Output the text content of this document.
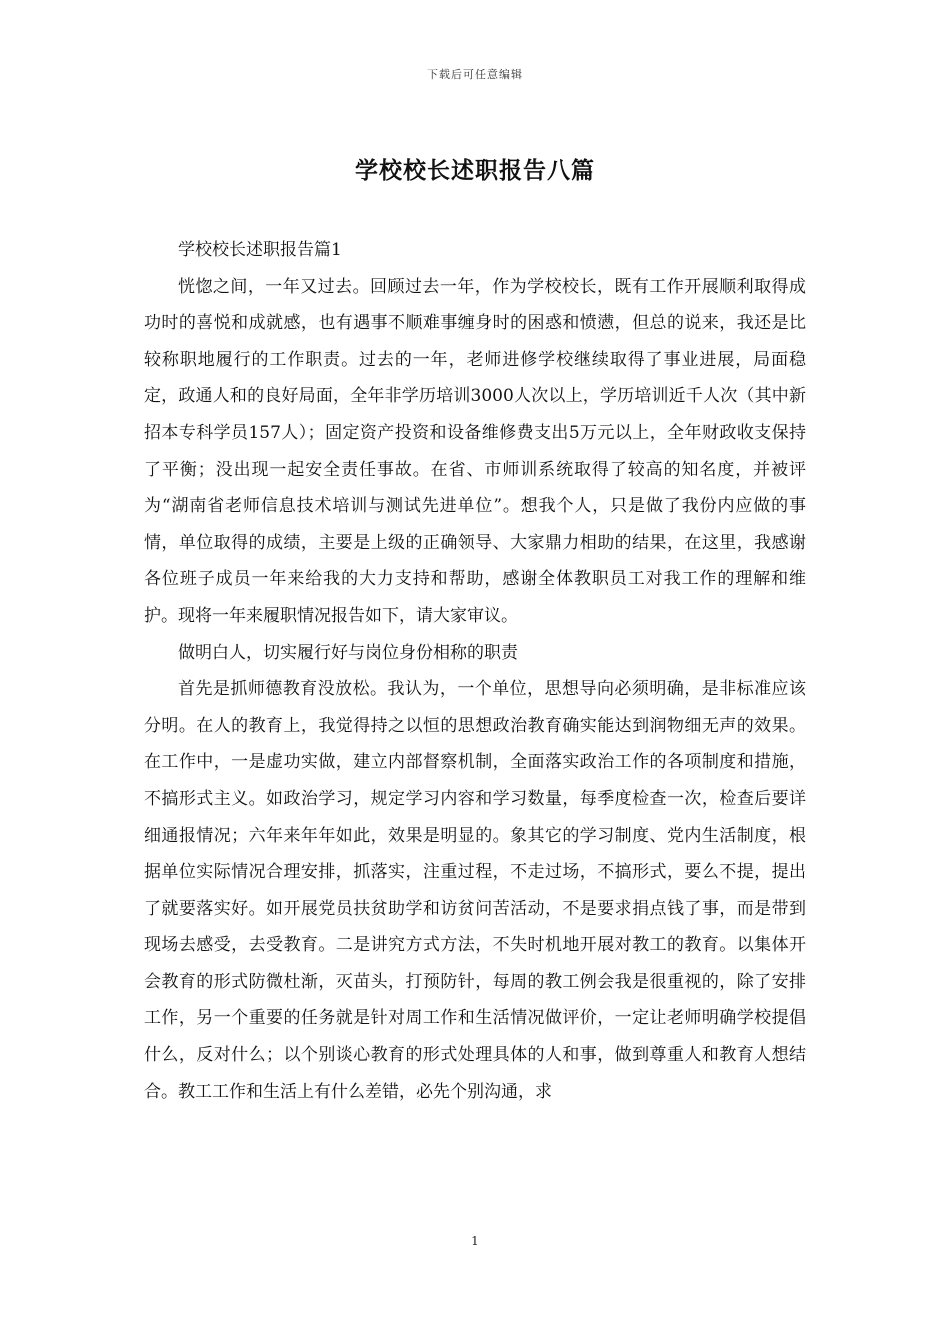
下载后可任意编辑
学校校长述职报告八篇

学校校长述职报告篇1

恍惚之间，一年又过去。回顾过去一年，作为学校校长，既有工作开展顺利取得成功时的喜悦和成就感，也有遇事不顺难事缠身时的困惑和愤懑，但总的说来，我还是比较称职地履行的工作职责。过去的一年，老师进修学校继续取得了事业进展，局面稳定，政通人和的良好局面，全年非学历培训3000人次以上，学历培训近千人次（其中新招本专科学员157人）；固定资产投资和设备维修费支出5万元以上，全年财政收支保持了平衡；没出现一起安全责任事故。在省、市师训系统取得了较高的知名度，并被评为“湖南省老师信息技术培训与测试先进单位”。想我个人，只是做了我份内应做的事情，单位取得的成绩，主要是上级的正确领导、大家鼎力相助的结果，在这里，我感谢各位班子成员一年来给我的大力支持和帮助，感谢全体教职员工对我工作的理解和维护。现将一年来履职情况报告如下，请大家审议。

做明白人，切实履行好与岗位身份相称的职责

首先是抓师德教育没放松。我认为，一个单位，思想导向必须明确，是非标准应该分明。在人的教育上，我觉得持之以恒的思想政治教育确实能达到润物细无声的效果。在工作中，一是虚功实做，建立内部督察机制，全面落实政治工作的各项制度和措施，不搞形式主义。如政治学习，规定学习内容和学习数量，每季度检查一次，检查后要详细通报情况；六年来年年如此，效果是明显的。象其它的学习制度、党内生活制度，根据单位实际情况合理安排，抓落实，注重过程，不走过场，不搞形式，要么不提，提出了就要落实好。如开展党员扶贫助学和访贫问苦活动，不是要求捐点钱了事，而是带到现场去感受，去受教育。二是讲究方式方法，不失时机地开展对教工的教育。以集体开会教育的形式防微杜渐，灭苗头，打预防针，每周的教工例会我是很重视的，除了安排工作，另一个重要的任务就是针对周工作和生活情况做评价，一定让老师明确学校提倡什么，反对什么；以个别谈心教育的形式处理具体的人和事，做到尊重人和教育人想结合。教工工作和生活上有什么差错，必先个别沟通，求

1
